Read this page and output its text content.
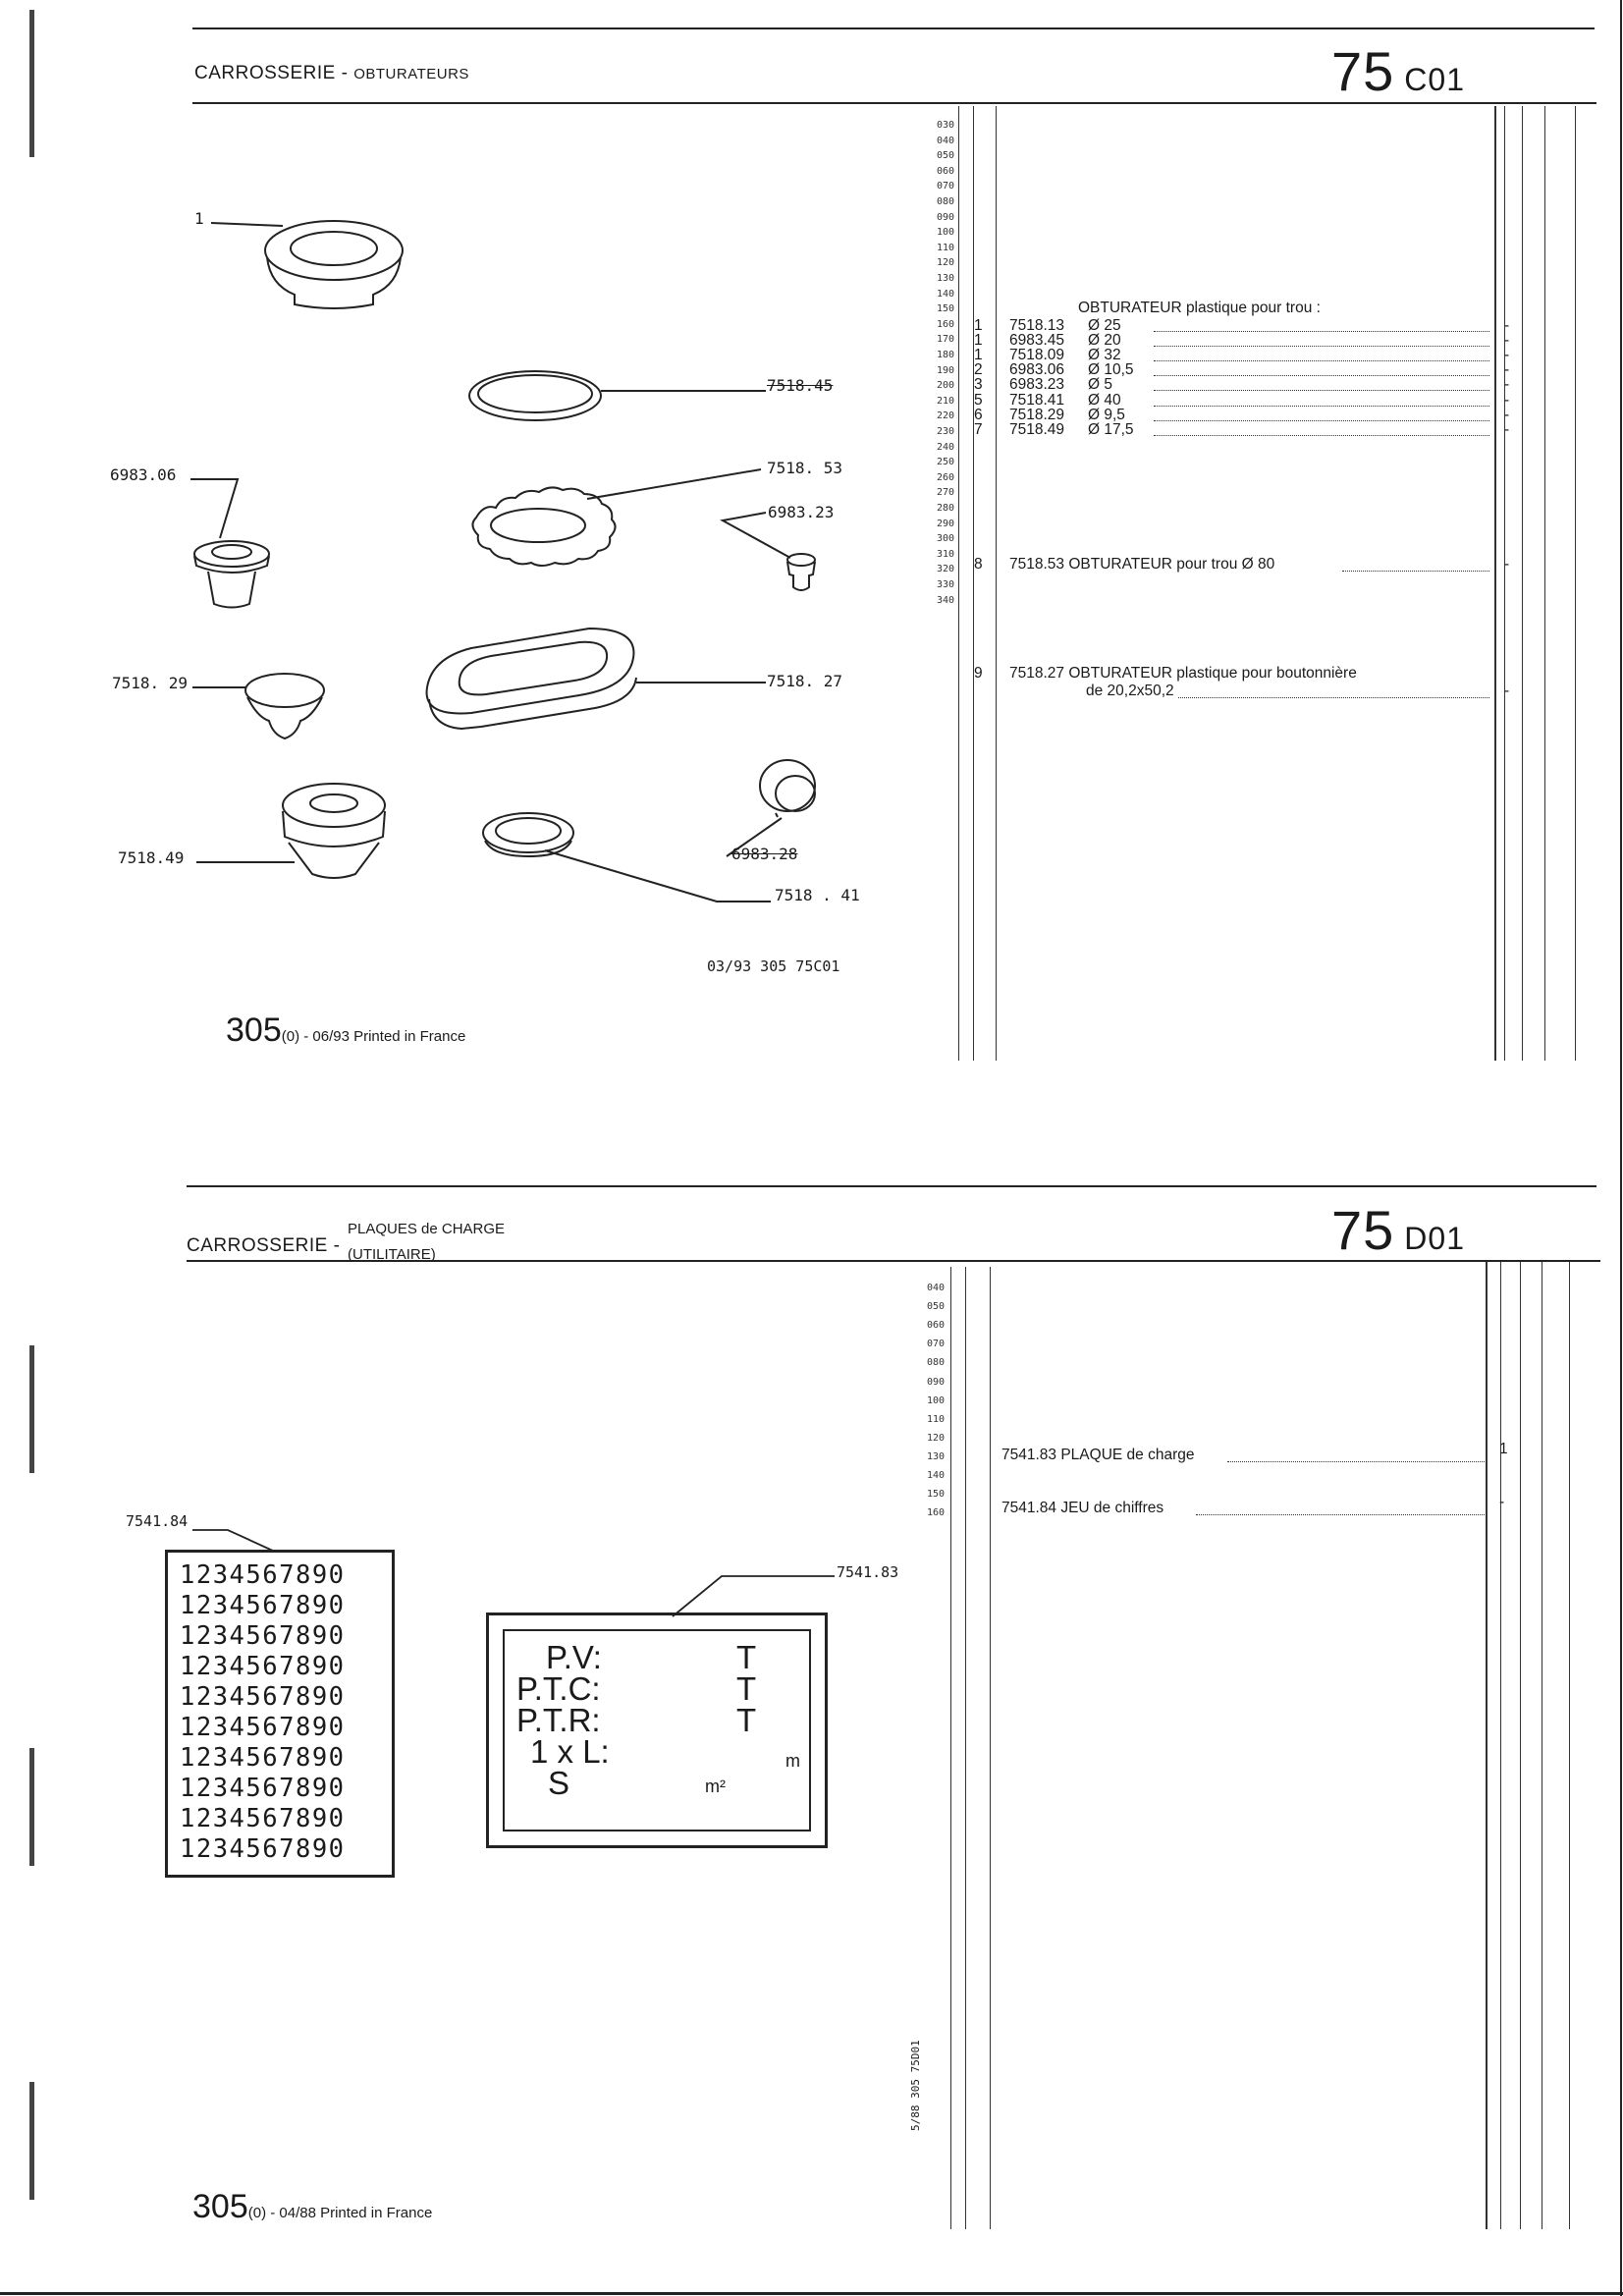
CARROSSERIE - OBTURATEURS	75 C01
030
040
050
060
070
080
090
100
110
120
130
140
150
160
170
180
190
200
210
220
230
240
250
260
270
280
290
300
310
320
330
340
OBTURATEUR plastique pour trou :
1 7518.13 Ø 25	-
1 6983.45 Ø 20	-
1 7518.09 Ø 32	-
2 6983.06 Ø 10,5	-
3 6983.23 Ø 5	-
5 7518.41 Ø 40	-
6 7518.29 Ø 9,5	-
7 7518.49 Ø 17,5	-
8 7518.53 OBTURATEUR pour trou Ø 80	-
9 7518.27 OBTURATEUR plastique pour boutonnière
de 20,2x50,2	-
1
7518.45
6983.06	7518. 53
6983.23
7518. 29	7518. 27
7518.49	6983.28
7518 . 41
03/93 305 75C01
305(0) - 06/93 Printed in France
CARROSSERIE -
PLAQUES de CHARGE
(UTILITAIRE)	75 D01
040
050
060
070
080
090
100
110
120
130
140
150
160
7541.83 PLAQUE de charge	1
7541.84 JEU de chiffres	-
7541.84
7541.83
1234567890
1234567890
1234567890
1234567890
1234567890
1234567890
1234567890
1234567890
1234567890
1234567890
P.V:
P.T.C:
P.T.R:
1 x L:
S
T
T
T
m
m²
5/88 305 75D01
305(0) - 04/88 Printed in France
